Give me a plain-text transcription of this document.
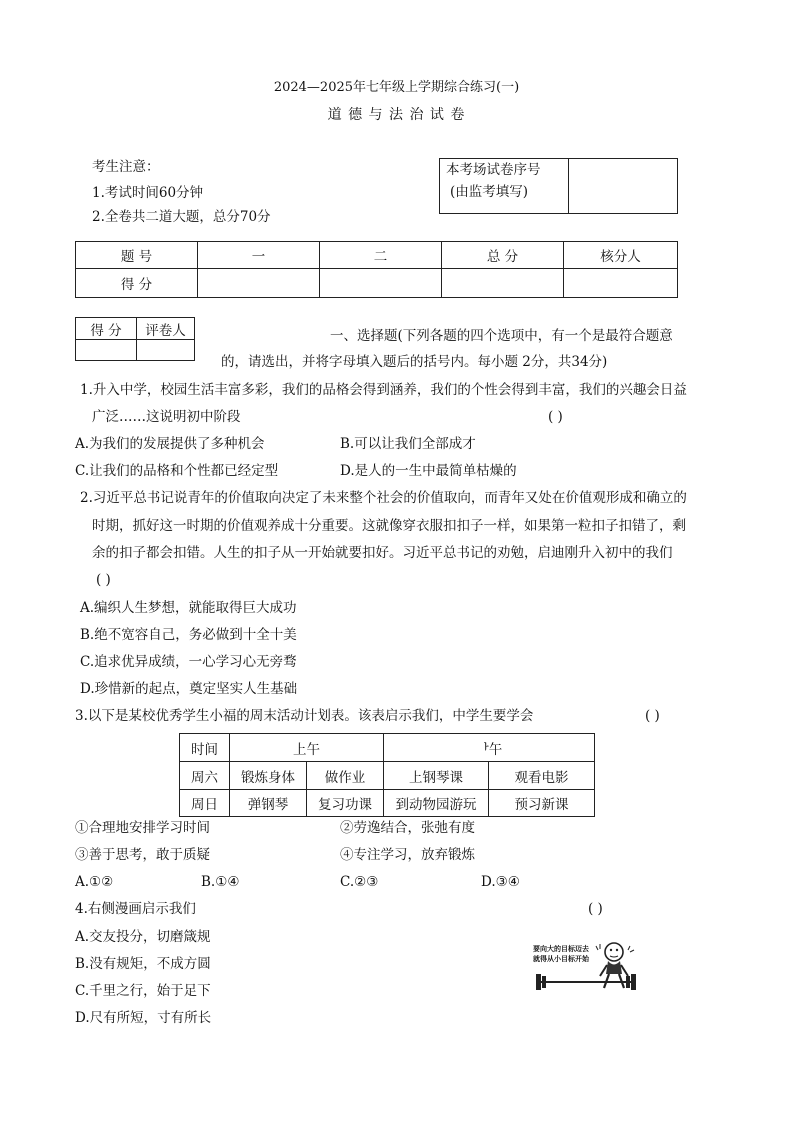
2024—2025年七年级上学期综合练习(一)
道 德 与 法 治 试 卷
考生注意：
1.考试时间60分钟
2.全卷共二道大题，总分70分
本考场试卷序号
(由监考填写)

题 号	一	二	总 分	核分人
得 分				
得 分	评卷人
		一、选择题(下列各题的四个选项中，有一个是最符合题意
的，请选出，并将字母填入题后的括号内。每小题 2分，共34分)
1.升入中学，校园生活丰富多彩，我们的品格会得到涵养，我们的个性会得到丰富，我们的兴趣会日益
广泛……这说明初中阶段	( )
A.为我们的发展提供了多种机会	B.可以让我们全部成才
C.让我们的品格和个性都已经定型	D.是人的一生中最简单枯燥的
2.习近平总书记说青年的价值取向决定了未来整个社会的价值取向，而青年又处在价值观形成和确立的
时期，抓好这一时期的价值观养成十分重要。这就像穿衣服扣扣子一样，如果第一粒扣子扣错了，剩
余的扣子都会扣错。人生的扣子从一开始就要扣好。习近平总书记的劝勉，启迪刚升入初中的我们
( )
A.编织人生梦想，就能取得巨大成功
B.绝不宽容自己，务必做到十全十美
C.追求优异成绩，一心学习心无旁骛
D.珍惜新的起点，奠定坚实人生基础
3.以下是某校优秀学生小福的周末活动计划表。该表启示我们，中学生要学会	( )
时间	上午		ᅡ午	
周六	锻炼身体	做作业	上钢琴课	观看电影
周日	弹钢琴	复习功课	到动物园游玩	预习新课
①合理地安排学习时间	②劳逸结合，张弛有度
③善于思考，敢于质疑	④专注学习，放弃锻炼
A.①②	B.①④	C.②③	D.③④
4.右侧漫画启示我们	( )
A.交友投分，切磨箴规
B.没有规矩，不成方圆
C.千里之行，始于足下
D.尺有所短，寸有所长
要向大的目标迈去
就得从小目标开始
